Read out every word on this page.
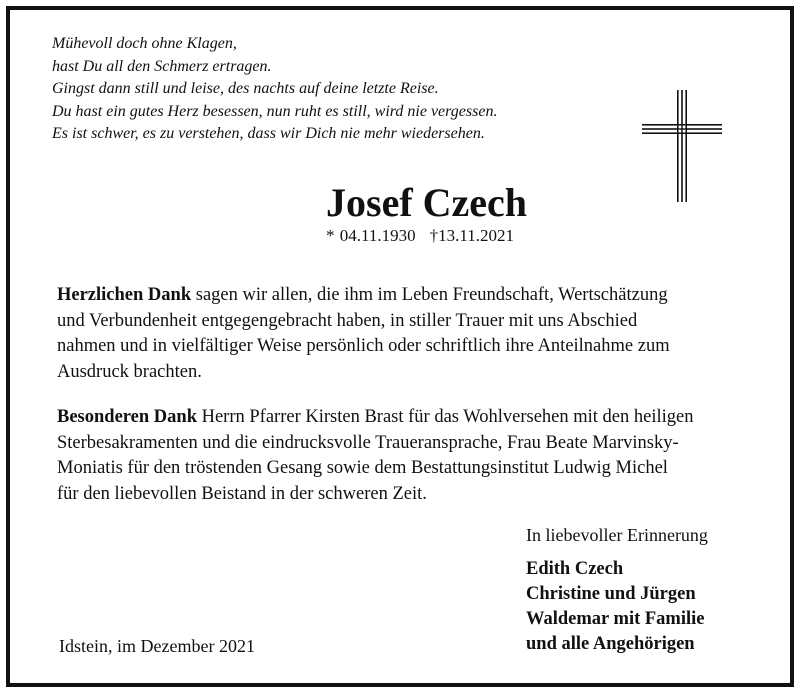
Mühevoll doch ohne Klagen,
hast Du all den Schmerz ertragen.
Gingst dann still und leise, des nachts auf deine letzte Reise.
Du hast ein gutes Herz besessen, nun ruht es still, wird nie vergessen.
Es ist schwer, es zu verstehen, dass wir Dich nie mehr wiedersehen.
Josef Czech
* 04.11.1930 †13.11.2021
Herzlichen Dank sagen wir allen, die ihm im Leben Freundschaft, Wertschätzung
und Verbundenheit entgegengebracht haben, in stiller Trauer mit uns Abschied
nahmen und in vielfältiger Weise persönlich oder schriftlich ihre Anteilnahme zum
Ausdruck brachten.
Besonderen Dank Herrn Pfarrer Kirsten Brast für das Wohlversehen mit den heiligen
Sterbesakramenten und die eindrucksvolle Traueransprache, Frau Beate Marvinsky-
Moniatis für den tröstenden Gesang sowie dem Bestattungsinstitut Ludwig Michel
für den liebevollen Beistand in der schweren Zeit.
In liebevoller Erinnerung
Edith Czech
Christine und Jürgen
Waldemar mit Familie
und alle Angehörigen
Idstein, im Dezember 2021
